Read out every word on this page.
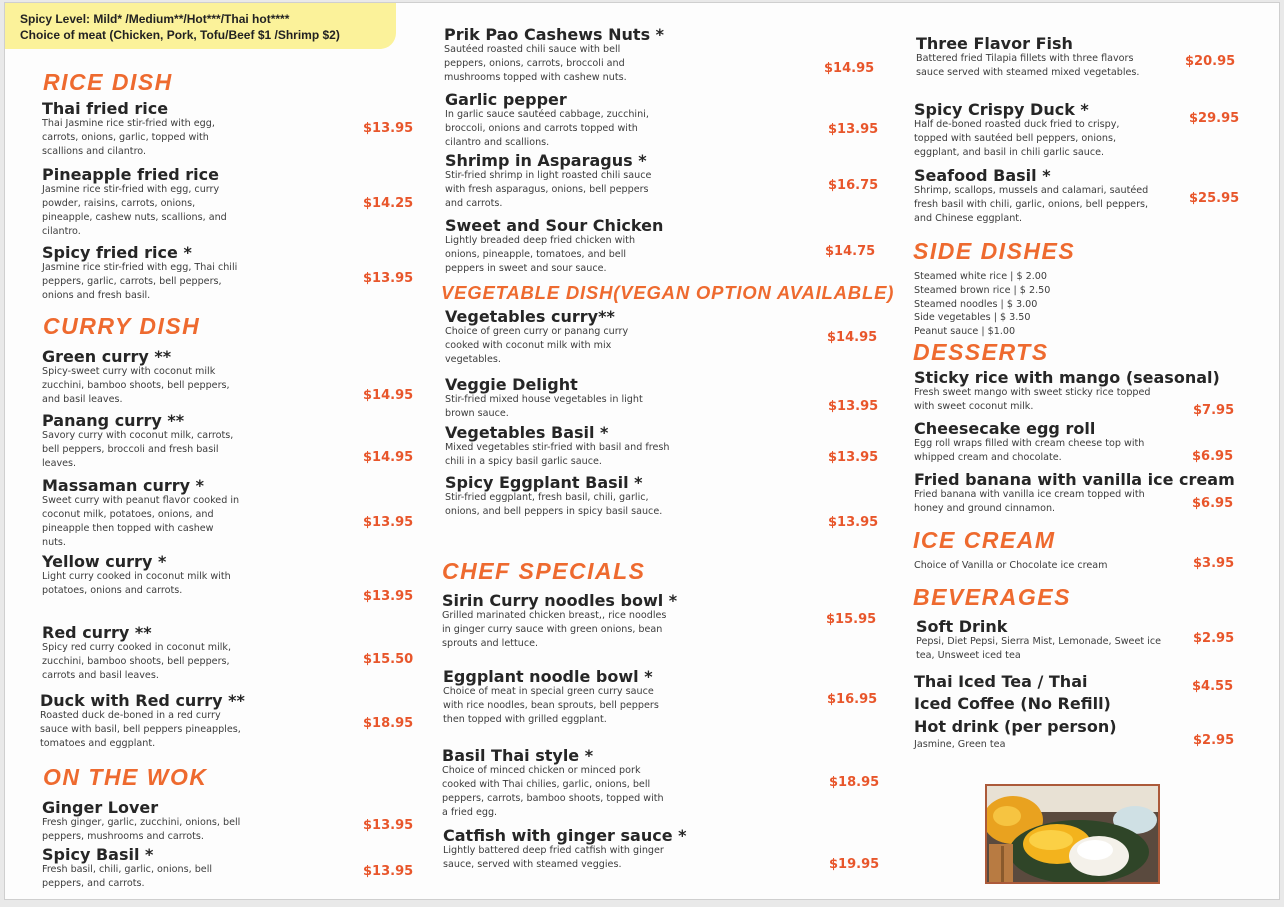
Spicy Level: Mild* /Medium**/Hot***/Thai hot****
Choice of meat (Chicken, Pork, Tofu/Beef $1 /Shrimp $2)
RICE DISH
Thai fried rice
Thai Jasmine rice stir-fried with egg, carrots, onions, garlic, topped with scallions and cilantro.
$13.95
Pineapple fried rice
Jasmine rice stir-fried with egg, curry powder, raisins, carrots, onions, pineapple, cashew nuts, scallions, and cilantro.
$14.25
Spicy fried rice *
Jasmine rice stir-fried with egg, Thai chili peppers, garlic, carrots, bell peppers, onions and fresh basil.
$13.95
CURRY DISH
Green curry **
Spicy-sweet curry with coconut milk zucchini, bamboo shoots, bell peppers, and basil leaves.	$14.95
Panang curry **
Savory curry with coconut milk, carrots, bell peppers, broccoli and fresh basil leaves.	$14.95
Massaman curry *
Sweet curry with peanut flavor cooked in coconut milk, potatoes, onions, and pineapple then topped with cashew nuts.
$13.95
Yellow curry *
Light curry cooked in coconut milk with potatoes, onions and carrots.	$13.95
Red curry **
Spicy red curry cooked in coconut milk, zucchini, bamboo shoots, bell peppers, carrots and basil leaves.
$15.50
Duck with Red curry **
Roasted duck de-boned in a red curry sauce with basil, bell peppers pineapples, tomatoes and eggplant.
$18.95
ON THE WOK
Ginger Lover
Fresh ginger, garlic, zucchini, onions, bell peppers, mushrooms and carrots.
$13.95
Spicy Basil *
Fresh basil, chili, garlic, onions, bell peppers, and carrots.
$13.95
Prik Pao Cashews Nuts *
Sautéed roasted chili sauce with bell peppers, onions, carrots, broccoli and mushrooms topped with cashew nuts.
$14.95
Garlic pepper
In garlic sauce sautéed cabbage, zucchini, broccoli, onions and carrots topped with cilantro and scallions.
$13.95
Shrimp in Asparagus *
Stir-fried shrimp in light roasted chili sauce with fresh asparagus, onions, bell peppers and carrots.
$16.75
Sweet and Sour Chicken
Lightly breaded deep fried chicken with onions, pineapple, tomatoes, and bell peppers in sweet and sour sauce.
$14.75
VEGETABLE DISH(VEGAN OPTION AVAILABLE)
Vegetables curry**
Choice of green curry or panang curry cooked with coconut milk with mix vegetables.
$14.95
Veggie Delight
Stir-fried mixed house vegetables in light brown sauce.	$13.95
Vegetables Basil *
Mixed vegetables stir-fried with basil and fresh chili in a spicy basil garlic sauce.	$13.95
Spicy Eggplant Basil *
Stir-fried eggplant, fresh basil, chili, garlic, onions, and bell peppers in spicy basil sauce.
$13.95
CHEF SPECIALS
Sirin Curry noodles bowl *
Grilled marinated chicken breast,, rice noodles in ginger curry sauce with green onions, bean sprouts and lettuce.
$15.95
Eggplant noodle bowl *
Choice of meat in special green curry sauce with rice noodles, bean sprouts, bell peppers then topped with grilled eggplant.
$16.95
Basil Thai style *
Choice of minced chicken or minced pork cooked with Thai chilies, garlic, onions, bell peppers, carrots, bamboo shoots, topped with a fried egg.
$18.95
Catfish with ginger sauce *
Lightly battered deep fried catfish with ginger sauce, served with steamed veggies.	$19.95
Three Flavor Fish
Battered fried Tilapia fillets with three flavors sauce served with steamed mixed vegetables.
$20.95
Spicy Crispy Duck *
Half de-boned roasted duck fried to crispy, topped with sautéed bell peppers, onions, eggplant, and basil in chili garlic sauce.
$29.95
Seafood Basil *
Shrimp, scallops, mussels and calamari, sautéed fresh basil with chili, garlic, onions, bell peppers, and Chinese eggplant.
$25.95
SIDE DISHES
Steamed white rice | $ 2.00
Steamed brown rice | $ 2.50
Steamed noodles | $ 3.00
Side vegetables | $ 3.50
Peanut sauce | $1.00
DESSERTS
Sticky rice with mango (seasonal)
Fresh sweet mango with sweet sticky rice topped with sweet coconut milk.	$7.95
Cheesecake egg roll
Egg roll wraps filled with cream cheese top with whipped cream and chocolate.	$6.95
Fried banana with vanilla ice cream
Fried banana with vanilla ice cream topped with honey and ground cinnamon.	$6.95
ICE CREAM
Choice of Vanilla or Chocolate ice cream	$3.95
BEVERAGES
Soft Drink
Pepsi, Diet Pepsi, Sierra Mist, Lemonade, Sweet ice tea, Unsweet iced tea
$2.95
Thai Iced Tea / Thai Iced Coffee (No Refill)
$4.55
Hot drink (per person)
Jasmine, Green tea	$2.95
